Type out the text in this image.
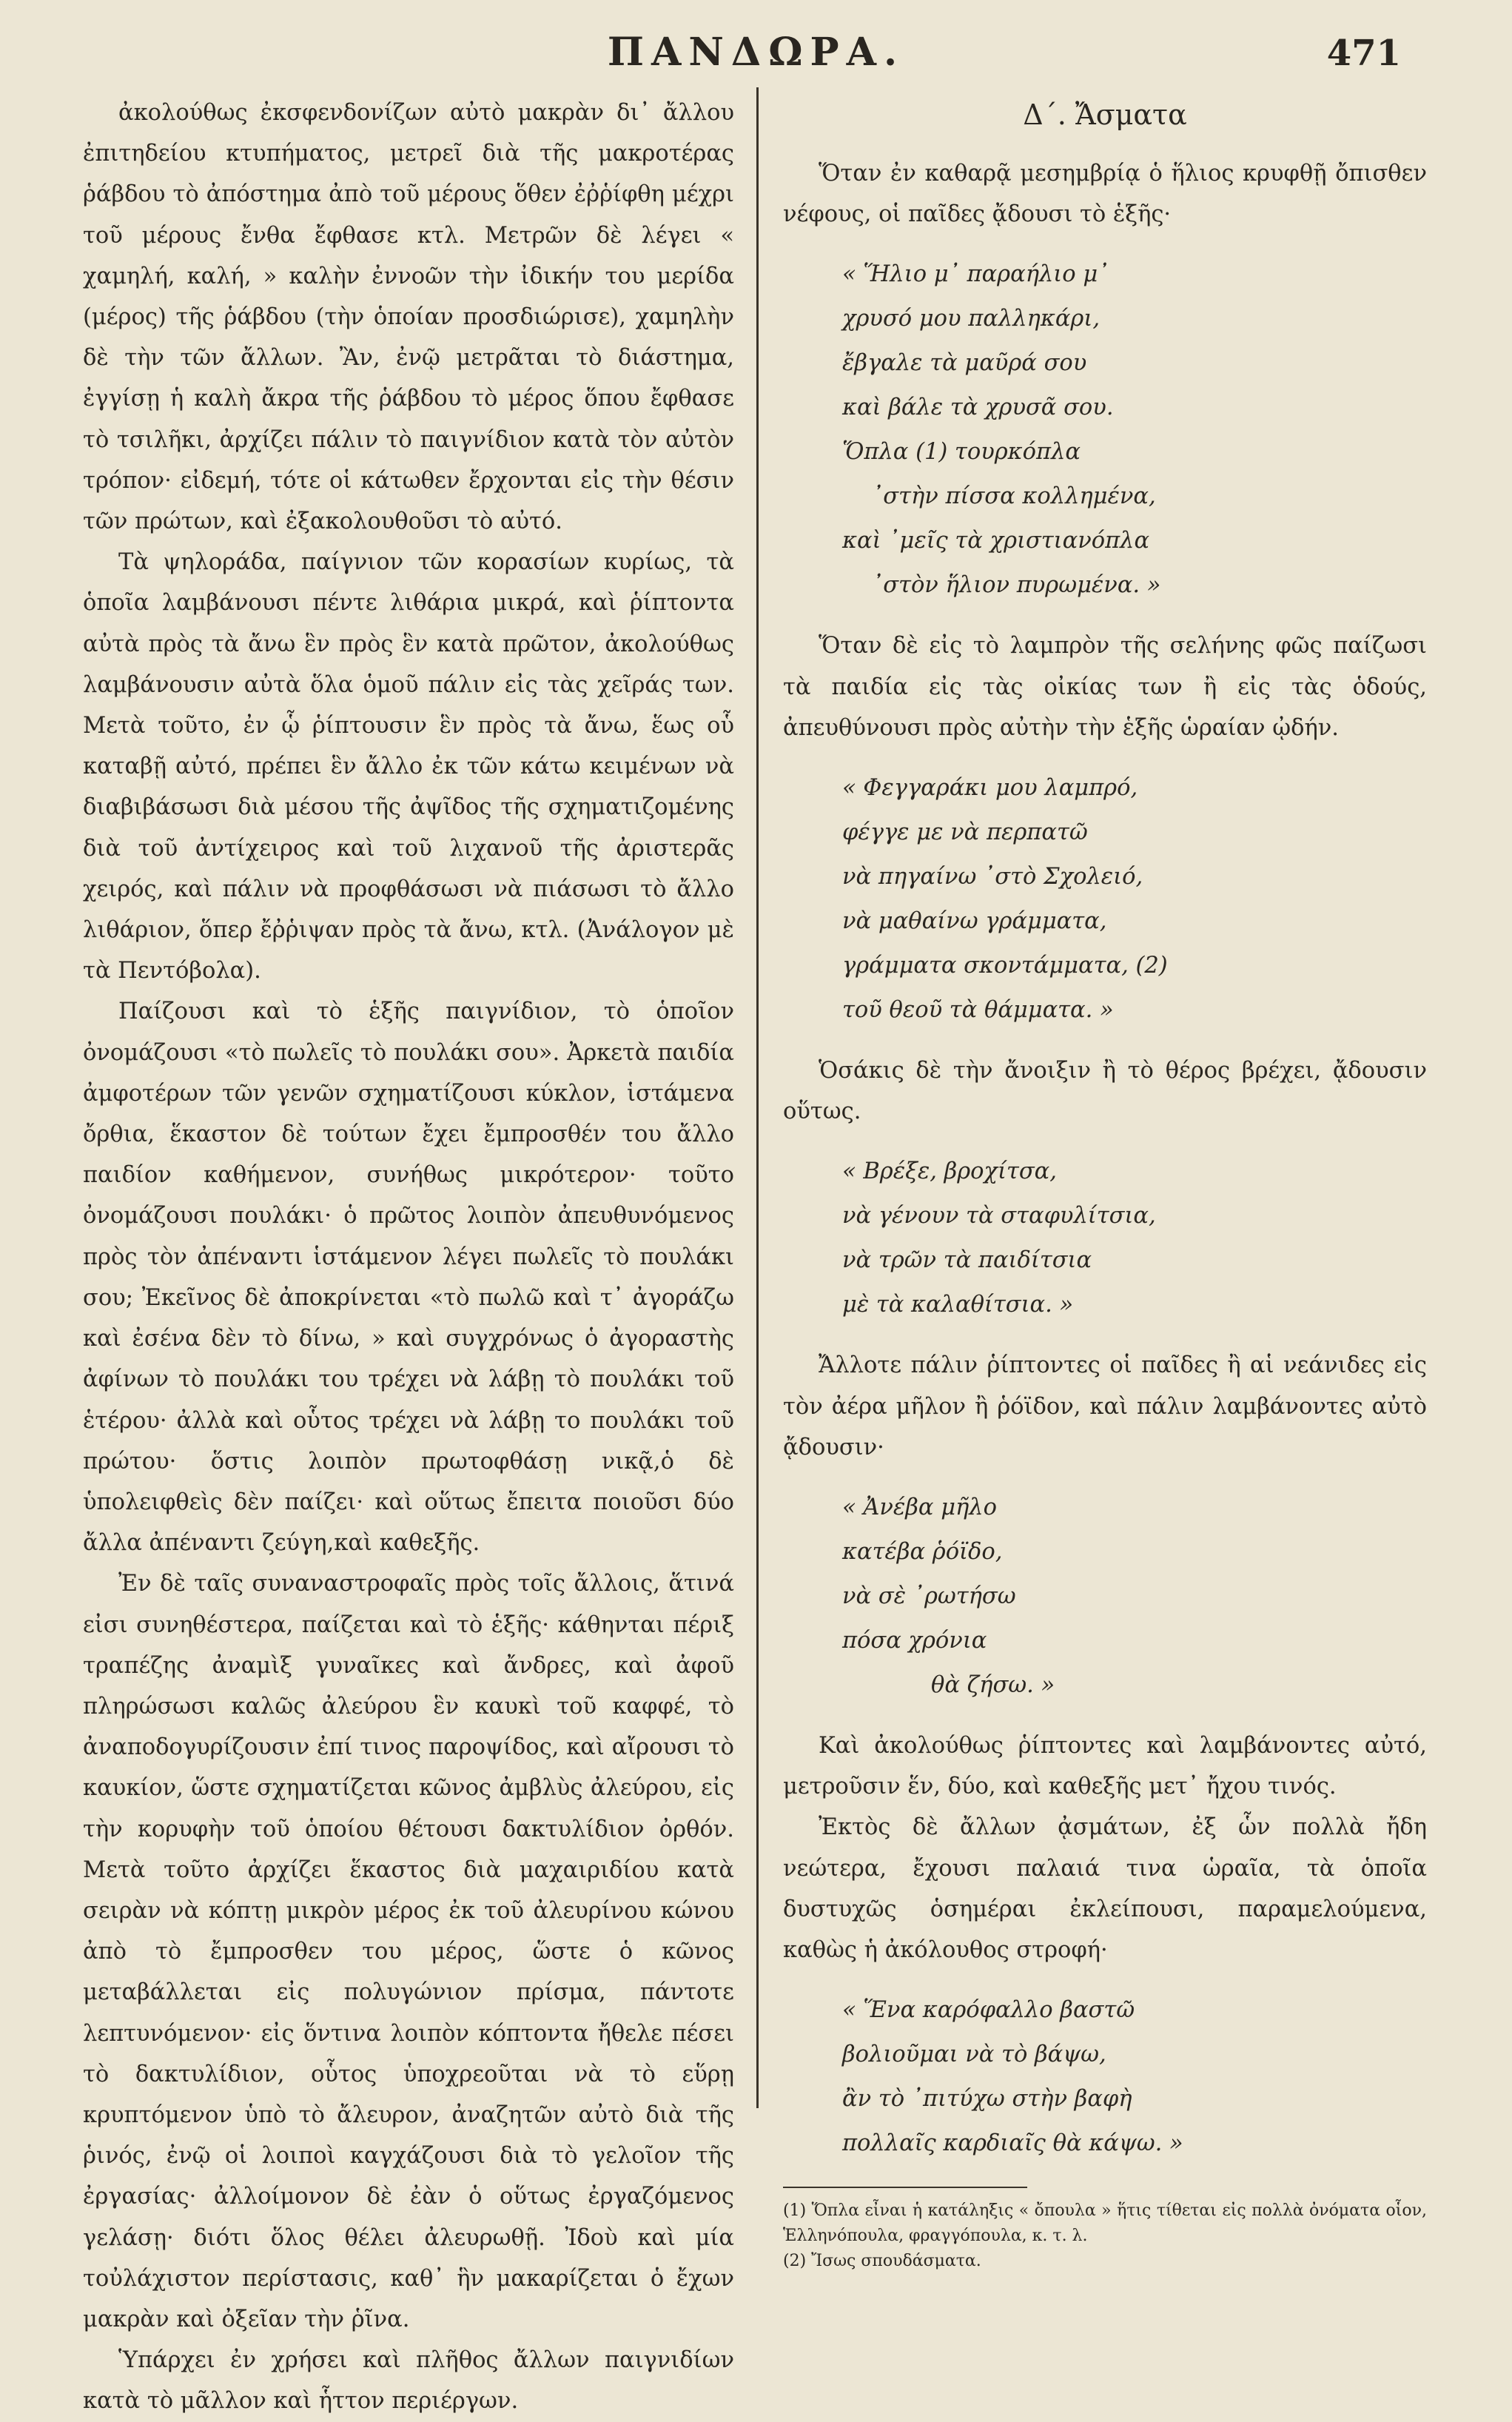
ΠΑΝΔΩΡΑ.	471

ἀκολούθως ἐκσφενδονίζων αὐτὸ μακρὰν δι᾽ ἄλλου ἐπιτηδείου κτυπήματος, μετρεῖ διὰ τῆς μακροτέρας ῥάβδου τὸ ἀπόστημα ἀπὸ τοῦ μέρους ὅθεν ἐῤῥίφθη μέχρι τοῦ μέρους ἔνθα ἔφθασε κτλ. Μετρῶν δὲ λέγει « χαμηλή, καλή, » καλὴν ἐννοῶν τὴν ἰδικήν του μερίδα (μέρος) τῆς ῥάβδου (τὴν ὁποίαν προσδιώρισε), χαμηλὴν δὲ τὴν τῶν ἄλλων. Ἂν, ἐνῷ μετρᾶται τὸ διάστημα, ἐγγίσῃ ἡ καλὴ ἄκρα τῆς ῥάβδου τὸ μέρος ὅπου ἔφθασε τὸ τσιλῆκι, ἀρχίζει πάλιν τὸ παιγνίδιον κατὰ τὸν αὐτὸν τρόπον· εἰδεμή, τότε οἱ κάτωθεν ἔρχονται εἰς τὴν θέσιν τῶν πρώτων, καὶ ἐξακολουθοῦσι τὸ αὐτό.

Τὰ ψηλοράδα, παίγνιον τῶν κορασίων κυρίως, τὰ ὁποῖα λαμβάνουσι πέντε λιθάρια μικρά, καὶ ῥίπτοντα αὐτὰ πρὸς τὰ ἄνω ἓν πρὸς ἓν κατὰ πρῶτον, ἀκολούθως λαμβάνουσιν αὐτὰ ὅλα ὁμοῦ πάλιν εἰς τὰς χεῖράς των. Μετὰ τοῦτο, ἐν ᾧ ῥίπτουσιν ἓν πρὸς τὰ ἄνω, ἕως οὗ καταβῇ αὐτό, πρέπει ἓν ἄλλο ἐκ τῶν κάτω κειμένων νὰ διαβιβάσωσι διὰ μέσου τῆς ἀψῖδος τῆς σχηματιζομένης διὰ τοῦ ἀντίχειρος καὶ τοῦ λιχανοῦ τῆς ἀριστερᾶς χειρός, καὶ πάλιν νὰ προφθάσωσι νὰ πιάσωσι τὸ ἄλλο λιθάριον, ὅπερ ἔῤῥιψαν πρὸς τὰ ἄνω, κτλ. (Ἀνάλογον μὲ τὰ Πεντόβολα).

Παίζουσι καὶ τὸ ἑξῆς παιγνίδιον, τὸ ὁποῖον ὀνομάζουσι «τὸ πωλεῖς τὸ πουλάκι σου». Ἀρκετὰ παιδία ἀμφοτέρων τῶν γενῶν σχηματίζουσι κύκλον, ἱστάμενα ὄρθια, ἕκαστον δὲ τούτων ἔχει ἔμπροσθέν του ἄλλο παιδίον καθήμενον, συνήθως μικρότερον· τοῦτο ὀνομάζουσι πουλάκι· ὁ πρῶτος λοιπὸν ἀπευθυνόμενος πρὸς τὸν ἀπέναντι ἱστάμενον λέγει πωλεῖς τὸ πουλάκι σου; Ἐκεῖνος δὲ ἀποκρίνεται «τὸ πωλῶ καὶ τ᾽ ἀγοράζω καὶ ἐσένα δὲν τὸ δίνω, » καὶ συγχρόνως ὁ ἀγοραστὴς ἀφίνων τὸ πουλάκι του τρέχει νὰ λάβῃ τὸ πουλάκι τοῦ ἑτέρου· ἀλλὰ καὶ οὗτος τρέχει νὰ λάβῃ το πουλάκι τοῦ πρώτου· ὅστις λοιπὸν πρωτοφθάσῃ νικᾷ,ὁ δὲ ὑπολειφθεὶς δὲν παίζει· καὶ οὕτως ἔπειτα ποιοῦσι δύο ἄλλα ἀπέναντι ζεύγη,καὶ καθεξῆς.

Ἐν δὲ ταῖς συναναστροφαῖς πρὸς τοῖς ἄλλοις, ἅτινά εἰσι συνηθέστερα, παίζεται καὶ τὸ ἑξῆς· κάθηνται πέριξ τραπέζης ἀναμὶξ γυναῖκες καὶ ἄνδρες, καὶ ἀφοῦ πληρώσωσι καλῶς ἀλεύρου ἓν καυκὶ τοῦ καφφέ, τὸ ἀναποδογυρίζουσιν ἐπί τινος παροψίδος, καὶ αἴρουσι τὸ καυκίον, ὥστε σχηματίζεται κῶνος ἀμβλὺς ἀλεύρου, εἰς τὴν κορυφὴν τοῦ ὁποίου θέτουσι δακτυλίδιον ὀρθόν. Μετὰ τοῦτο ἀρχίζει ἕκαστος διὰ μαχαιριδίου κατὰ σειρὰν νὰ κόπτῃ μικρὸν μέρος ἐκ τοῦ ἀλευρίνου κώνου ἀπὸ τὸ ἔμπροσθεν του μέρος, ὥστε ὁ κῶνος μεταβάλλεται εἰς πολυγώνιον πρίσμα, πάντοτε λεπτυνόμενον· εἰς ὅντινα λοιπὸν κόπτοντα ἤθελε πέσει τὸ δακτυλίδιον, οὗτος ὑποχρεοῦται νὰ τὸ εὕρῃ κρυπτόμενον ὑπὸ τὸ ἄλευρον, ἀναζητῶν αὐτὸ διὰ τῆς ῥινός, ἐνῷ οἱ λοιποὶ καγχάζουσι διὰ τὸ γελοῖον τῆς ἐργασίας· ἀλλοίμονον δὲ ἐὰν ὁ οὕτως ἐργαζόμενος γελάσῃ· διότι ὅλος θέλει ἀλευρωθῇ. Ἰδοὺ καὶ μία τοὐλάχιστον περίστασις, καθ᾽ ἣν μακαρίζεται ὁ ἔχων μακρὰν καὶ ὀξεῖαν τὴν ῥῖνα.

Ὑπάρχει ἐν χρήσει καὶ πλῆθος ἄλλων παιγνιδίων κατὰ τὸ μᾶλλον καὶ ἧττον περιέργων.

Δ΄. Ἄσματα

Ὅταν ἐν καθαρᾷ μεσημβρίᾳ ὁ ἥλιος κρυφθῇ ὄπισθεν νέφους, οἱ παῖδες ᾄδουσι τὸ ἑξῆς·

« Ἥλιο μ᾽ παραήλιο μ᾽
χρυσό μου παλληκάρι,
ἔβγαλε τὰ μαῦρά σου
καὶ βάλε τὰ χρυσᾶ σου.
Ὅπλα (1) τουρκόπλα
᾽στὴν πίσσα κολλημένα,
καὶ ᾽μεῖς τὰ χριστιανόπλα
᾽στὸν ἥλιον πυρωμένα. »

Ὅταν δὲ εἰς τὸ λαμπρὸν τῆς σελήνης φῶς παίζωσι τὰ παιδία εἰς τὰς οἰκίας των ἢ εἰς τὰς ὁδούς, ἀπευθύνουσι πρὸς αὐτὴν τὴν ἑξῆς ὡραίαν ᾠδήν.

« Φεγγαράκι μου λαμπρό,
φέγγε με νὰ περπατῶ
νὰ πηγαίνω ᾽στὸ Σχολειό,
νὰ μαθαίνω γράμματα,
γράμματα σκοντάμματα, (2)
τοῦ θεοῦ τὰ θάμματα. »

Ὁσάκις δὲ τὴν ἄνοιξιν ἢ τὸ θέρος βρέχει, ᾄδουσιν οὕτως.

« Βρέξε, βροχίτσα,
νὰ γένουν τὰ σταφυλίτσια,
νὰ τρῶν τὰ παιδίτσια
μὲ τὰ καλαθίτσια. »

Ἄλλοτε πάλιν ῥίπτοντες οἱ παῖδες ἢ αἱ νεάνιδες εἰς τὸν ἀέρα μῆλον ἢ ῥόϊδον, καὶ πάλιν λαμβάνοντες αὐτὸ ᾄδουσιν·

« Ἀνέβα μῆλο
κατέβα ῥόϊδο,
νὰ σὲ ᾽ρωτήσω
πόσα χρόνια
θὰ ζήσω. »

Καὶ ἀκολούθως ῥίπτοντες καὶ λαμβάνοντες αὐτό, μετροῦσιν ἕν, δύο, καὶ καθεξῆς μετ᾽ ἤχου τινός.

Ἐκτὸς δὲ ἄλλων ᾀσμάτων, ἐξ ὧν πολλὰ ἤδη νεώτερα, ἔχουσι παλαιά τινα ὡραῖα, τὰ ὁποῖα δυστυχῶς ὁσημέραι ἐκλείπουσι, παραμελούμενα, καθὼς ἡ ἀκόλουθος στροφή·

« Ἕνα καρόφαλλο βαστῶ
βολιοῦμαι νὰ τὸ βάψω,
ἂν τὸ ᾽πιτύχω στὴν βαφὴ
πολλαῖς καρδιαῖς θὰ κάψω. »
(1) Ὅπλα εἶναι ἡ κατάληξις « ὄπουλα » ἥτις τίθεται εἰς πολλὰ ὀνόματα οἷον, Ἑλληνόπουλα, φραγγόπουλα, κ. τ. λ.
(2) Ἴσως σπουδάσματα.
